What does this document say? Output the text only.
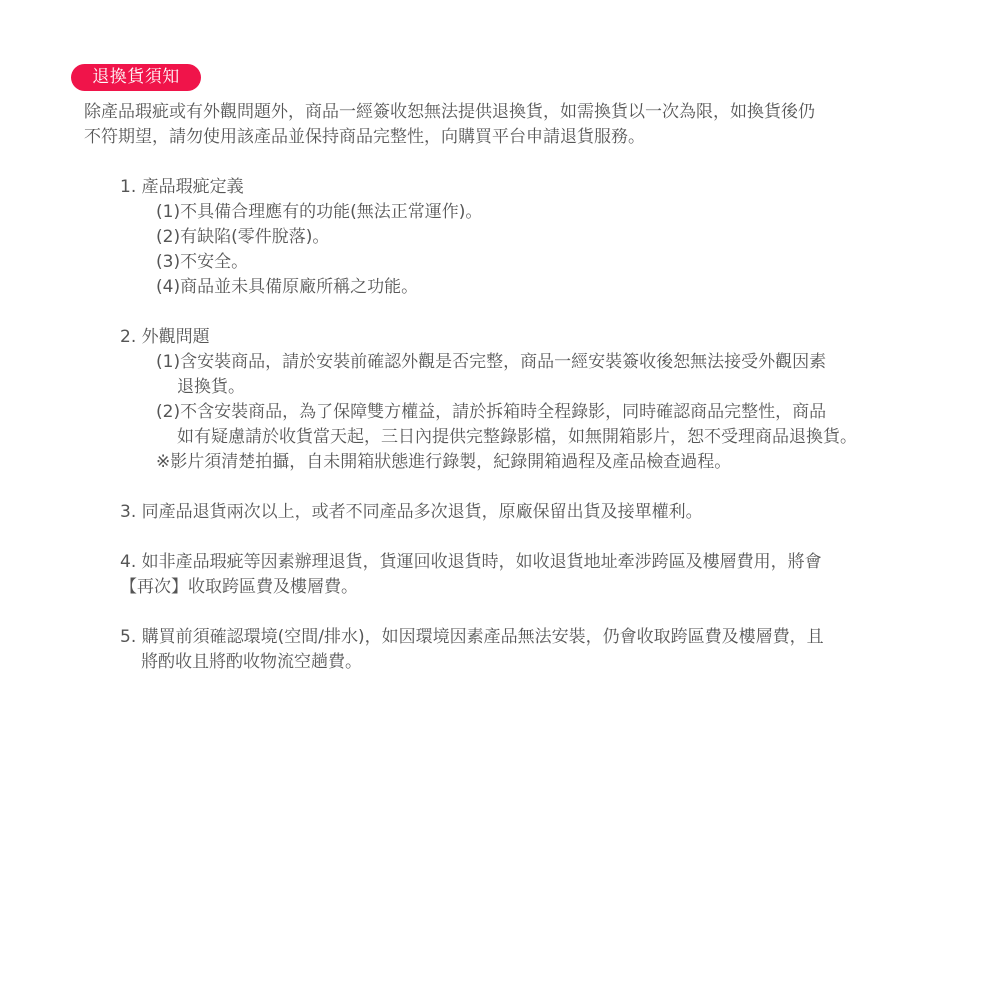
退換貨須知

除產品瑕疵或有外觀問題外，商品一經簽收恕無法提供退換貨，如需換貨以一次為限，如換貨後仍
不符期望，請勿使用該產品並保持商品完整性，向購買平台申請退貨服務。

1. 產品瑕疵定義

(1)不具備合理應有的功能(無法正常運作)。

(2)有缺陷(零件脫落)。

(3)不安全。

(4)商品並未具備原廠所稱之功能。

2. 外觀問題

(1)含安裝商品，請於安裝前確認外觀是否完整，商品一經安裝簽收後恕無法接受外觀因素
退換貨。

(2)不含安裝商品，為了保障雙方權益，請於拆箱時全程錄影，同時確認商品完整性，商品
如有疑慮請於收貨當天起，三日內提供完整錄影檔，如無開箱影片，恕不受理商品退換貨。

※影片須清楚拍攝，自未開箱狀態進行錄製，紀錄開箱過程及產品檢查過程。

3. 同產品退貨兩次以上，或者不同產品多次退貨，原廠保留出貨及接單權利。

4. 如非產品瑕疵等因素辦理退貨，貨運回收退貨時，如收退貨地址牽涉跨區及樓層費用，將會
【再次】收取跨區費及樓層費。

5. 購買前須確認環境(空間/排水)，如因環境因素產品無法安裝，仍會收取跨區費及樓層費，且
將酌收且將酌收物流空趟費。
